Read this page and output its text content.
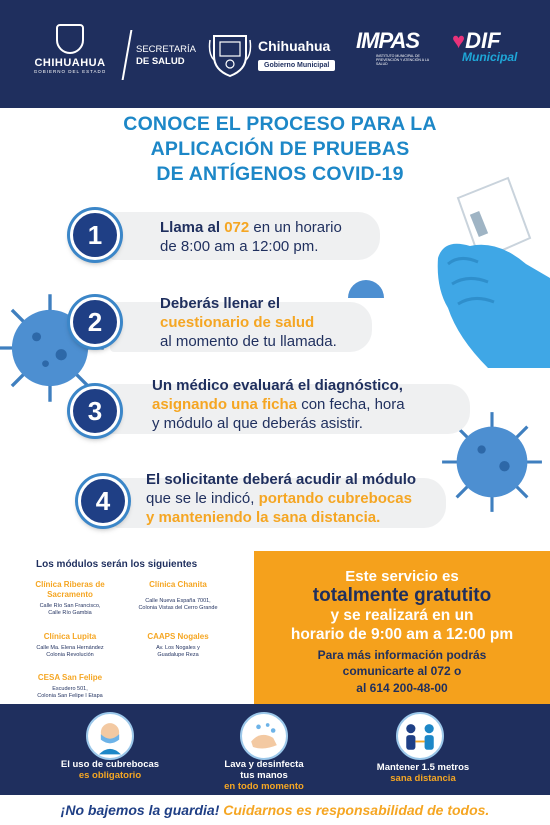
CHIHUAHUA
GOBIERNO DEL ESTADO
SECRETARÍA
DE SALUD
Chihuahua
Gobierno Municipal
IMPAS
INSTITUTO MUNICIPAL DE PREVENCIÓN Y ATENCIÓN A LA SALUD
♥DIF
Municipal
CONOCE EL PROCESO PARA LA
APLICACIÓN DE PRUEBAS
DE ANTÍGENOS COVID-19
1	Llama al 072 en un horario
de 8:00 am a 12:00 pm.
2
Deberás llenar el
cuestionario de salud
al momento de tu llamada.
3
Un médico evaluará el diagnóstico,
asignando una ficha con fecha, hora
y módulo al que deberás asistir.
4
El solicitante deberá acudir al módulo
que se le indicó, portando cubrebocas
y manteniendo la sana distancia.
Los módulos serán los siguientes
Clínica Riberas de Sacramento
Calle Río San Francisco,
Calle Río Gambia
Clínica Chanita
Calle Nueva España 7001,
Colonia Vistas del Cerro Grande
Clínica Lupita
Calle Ma. Elena Hernández
Colonia Revolución
CAAPS Nogales
Av. Los Nogales y
Guadalupe Reza
CESA San Felipe
Escudero 501,
Colonia San Felipe I Etapa
Este servicio es
totalmente gratutito
y se realizará en un
horario de 9:00 am a 12:00 pm
Para más información podrás
comunicarte al 072 o
al 614 200-48-00
El uso de cubrebocas
es obligatorio
Lava y desinfecta
tus manos
en todo momento
Mantener 1.5 metros
sana distancia
¡No bajemos la guardia! Cuidarnos es responsabilidad de todos.
